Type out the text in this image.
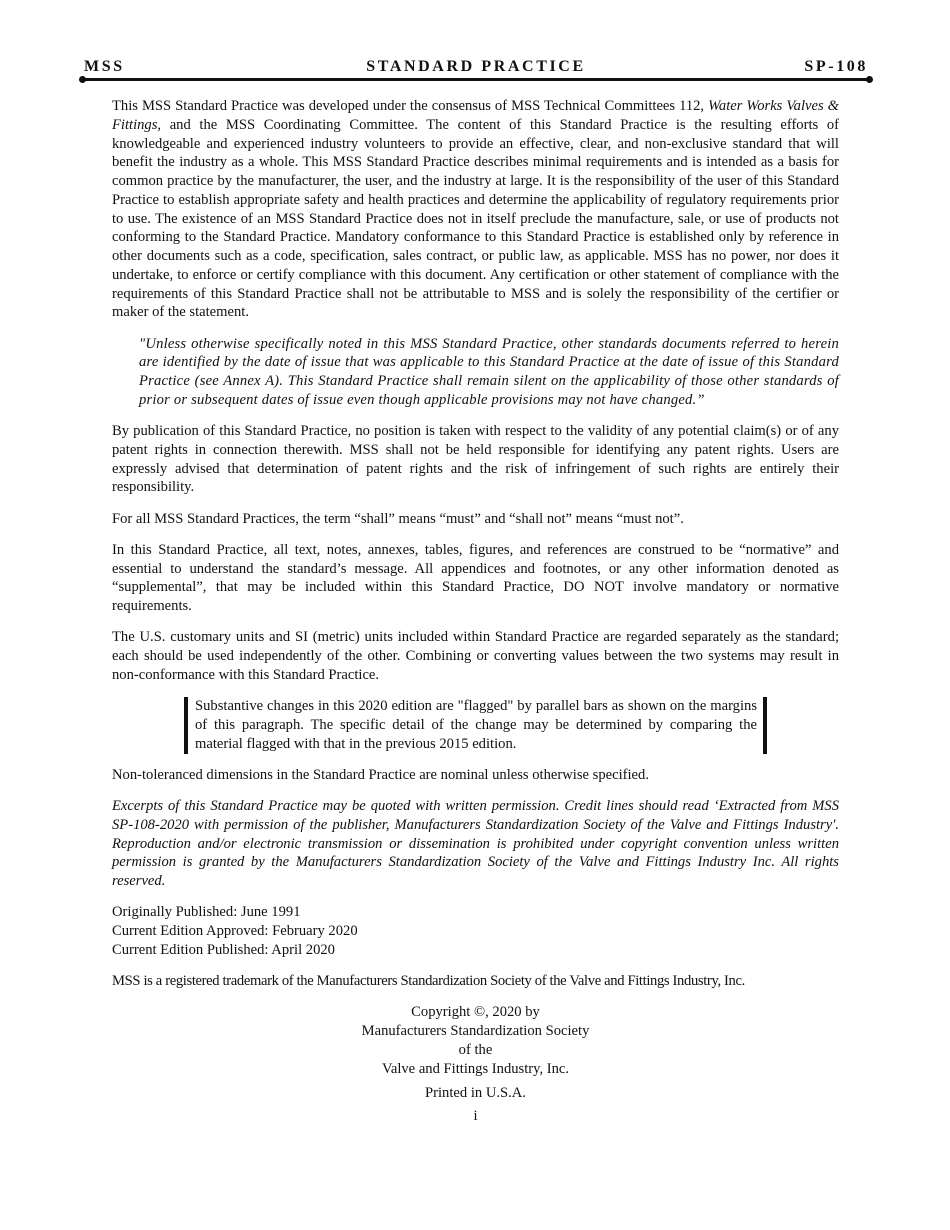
MSS	STANDARD PRACTICE	SP-108

This MSS Standard Practice was developed under the consensus of MSS Technical Committees 112, Water Works Valves & Fittings, and the MSS Coordinating Committee. The content of this Standard Practice is the resulting efforts of knowledgeable and experienced industry volunteers to provide an effective, clear, and non-exclusive standard that will benefit the industry as a whole. This MSS Standard Practice describes minimal requirements and is intended as a basis for common practice by the manufacturer, the user, and the industry at large. It is the responsibility of the user of this Standard Practice to establish appropriate safety and health practices and determine the applicability of regulatory requirements prior to use. The existence of an MSS Standard Practice does not in itself preclude the manufacture, sale, or use of products not conforming to the Standard Practice. Mandatory conformance to this Standard Practice is established only by reference in other documents such as a code, specification, sales contract, or public law, as applicable. MSS has no power, nor does it undertake, to enforce or certify compliance with this document. Any certification or other statement of compliance with the requirements of this Standard Practice shall not be attributable to MSS and is solely the responsibility of the certifier or maker of the statement.

"Unless otherwise specifically noted in this MSS Standard Practice, other standards documents referred to herein are identified by the date of issue that was applicable to this Standard Practice at the date of issue of this Standard Practice (see Annex A). This Standard Practice shall remain silent on the applicability of those other standards of prior or subsequent dates of issue even though applicable provisions may not have changed.”

By publication of this Standard Practice, no position is taken with respect to the validity of any potential claim(s) or of any patent rights in connection therewith. MSS shall not be held responsible for identifying any patent rights. Users are expressly advised that determination of patent rights and the risk of infringement of such rights are entirely their responsibility.

For all MSS Standard Practices, the term “shall” means “must” and “shall not” means “must not”.

In this Standard Practice, all text, notes, annexes, tables, figures, and references are construed to be “normative” and essential to understand the standard’s message. All appendices and footnotes, or any other information denoted as “supplemental”, that may be included within this Standard Practice, DO NOT involve mandatory or normative requirements.

The U.S. customary units and SI (metric) units included within Standard Practice are regarded separately as the standard; each should be used independently of the other. Combining or converting values between the two systems may result in non-conformance with this Standard Practice.

Substantive changes in this 2020 edition are "flagged" by parallel bars as shown on the margins of this paragraph. The specific detail of the change may be determined by comparing the material flagged with that in the previous 2015 edition.

Non-toleranced dimensions in the Standard Practice are nominal unless otherwise specified.

Excerpts of this Standard Practice may be quoted with written permission. Credit lines should read ‘Extracted from MSS SP-108-2020 with permission of the publisher, Manufacturers Standardization Society of the Valve and Fittings Industry'. Reproduction and/or electronic transmission or dissemination is prohibited under copyright convention unless written permission is granted by the Manufacturers Standardization Society of the Valve and Fittings Industry Inc. All rights reserved.

Originally Published: June 1991
Current Edition Approved: February 2020
Current Edition Published: April 2020

MSS is a registered trademark of the Manufacturers Standardization Society of the Valve and Fittings Industry, Inc.

Copyright ©, 2020 by
Manufacturers Standardization Society
of the
Valve and Fittings Industry, Inc.
Printed in U.S.A.
i
